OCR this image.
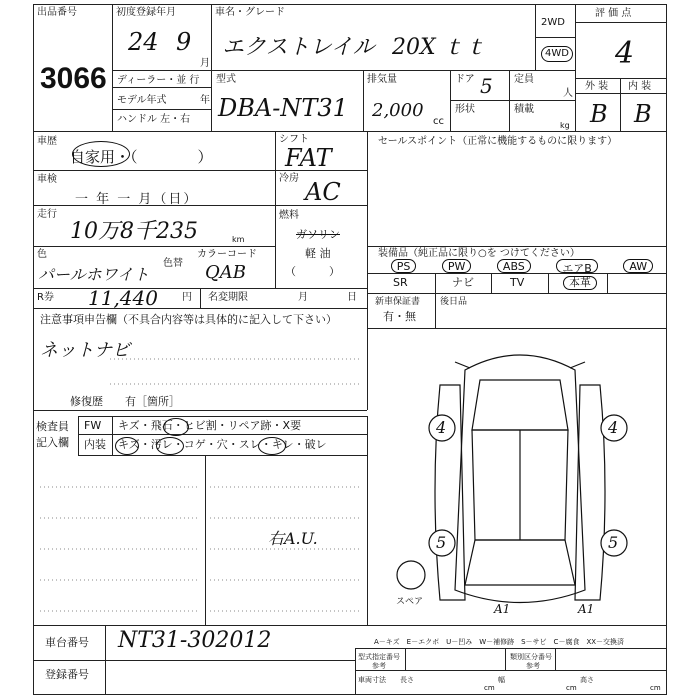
出品番号
3066
初度登録年月
24 9
月
車名・グレード
エクストレイル 20X ｔｔ
2WD
4WD
評 価 点
4
ディーラー・並 行
モデル年式	年
ハンドル 左・右
型式
DBA-NT31
排気量
2,000
cc
ドア 5 定員
人
形状	積載
kg
外 装 内 装
B B
車歴
自家用・（　　　　）
シフト
FAT
車検
一 年 一 月（日）
冷房 AC
走行
10万8千235	km
燃料
ガソリン
軽 油
（　　　）
色
パールホワイト
色替
カラーコード
QAB
R券 11,440 円 名変期限	月	日
セールスポイント（正常に機能するものに限ります）
装備品（純正品に限り○を つけてください）
PS	PW	ABS	エアB	AW
SR	ナビ	TV	本革
新車保証書
有・無
後日品
注意事項申告欄（不具合内容等は具体的に記入して下さい）
ネットナビ
修復歴　　有［箇所］
検査員
記入欄
FW キズ・飛石・ヒビ割・リペア跡・X要
内装 キズ・汚レ・コゲ・穴・スレ・キレ・破レ
右A.U.
4	4
5	5
スペア	A1	A1
車台番号 NT31-302012
登録番号
A－キズ　E－エクボ　U－凹み　W－補修跡　S－サビ　C－腐食　XX－交換済
型式指定番号
参考
類別区分番号
参考
車両寸法 長さ
cm
幅
cm
高さ
cm
